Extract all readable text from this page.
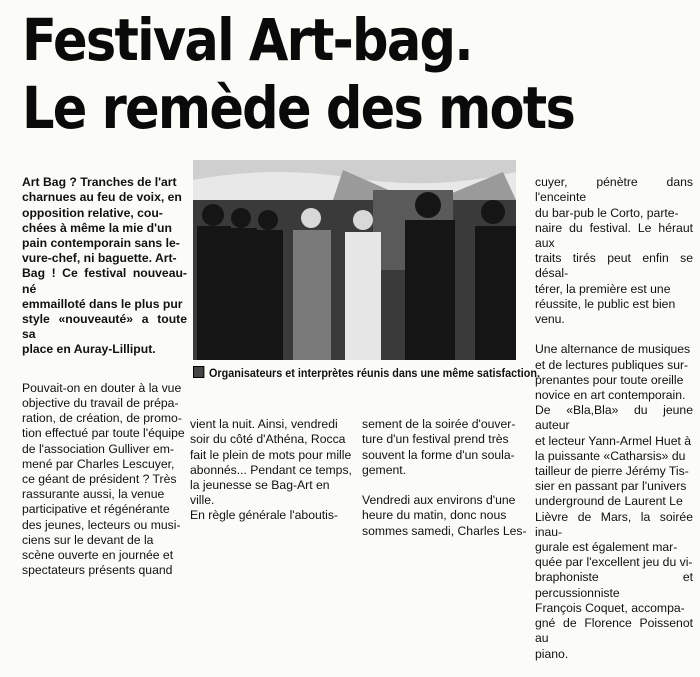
Festival Art-bag.
Le remède des mots

Art Bag ? Tranches de l'art
charnues au feu de voix, en
opposition relative, cou-
chées à même la mie d'un
pain contemporain sans le-
vure-chef, ni baguette. Art-
Bag ! Ce festival nouveau-né
emmailloté dans le plus pur
style «nouveauté» a toute sa
place en Auray-Lilliput.

Pouvait-on en douter à la vue
objective du travail de prépa-
ration, de création, de promo-
tion effectué par toute l'équipe
de l'association Gulliver em-
mené par Charles Lescuyer,
ce géant de président ? Très
rassurante aussi, la venue
participative et régénérante
des jeunes, lecteurs ou musi-
ciens sur le devant de la
scène ouverte en journée et
spectateurs présents quand

Organisateurs et interprètes réunis dans une même satisfaction.

vient la nuit. Ainsi, vendredi
soir du côté d'Athéna, Rocca
fait le plein de mots pour mille
abonnés... Pendant ce temps,
la jeunesse se Bag-Art en
ville.
En règle générale l'aboutis-

sement de la soirée d'ouver-
ture d'un festival prend très
souvent la forme d'un soula-
gement.

Vendredi aux environs d'une
heure du matin, donc nous
sommes samedi, Charles Les-

cuyer, pénètre dans l'enceinte
du bar-pub le Corto, parte-
naire du festival. Le héraut aux
traits tirés peut enfin se désal-
térer, la première est une
réussite, le public est bien
venu.

Une alternance de musiques
et de lectures publiques sur-
prenantes pour toute oreille
novice en art contemporain.
De «Bla,Bla» du jeune auteur
et lecteur Yann-Armel Huet à
la puissante «Catharsis» du
tailleur de pierre Jérémy Tis-
sier en passant par l'univers
underground de Laurent Le
Lièvre de Mars, la soirée inau-
gurale est également mar-
quée par l'excellent jeu du vi-
braphoniste et percussionniste
François Coquet, accompa-
gné de Florence Poissenot au
piano.
